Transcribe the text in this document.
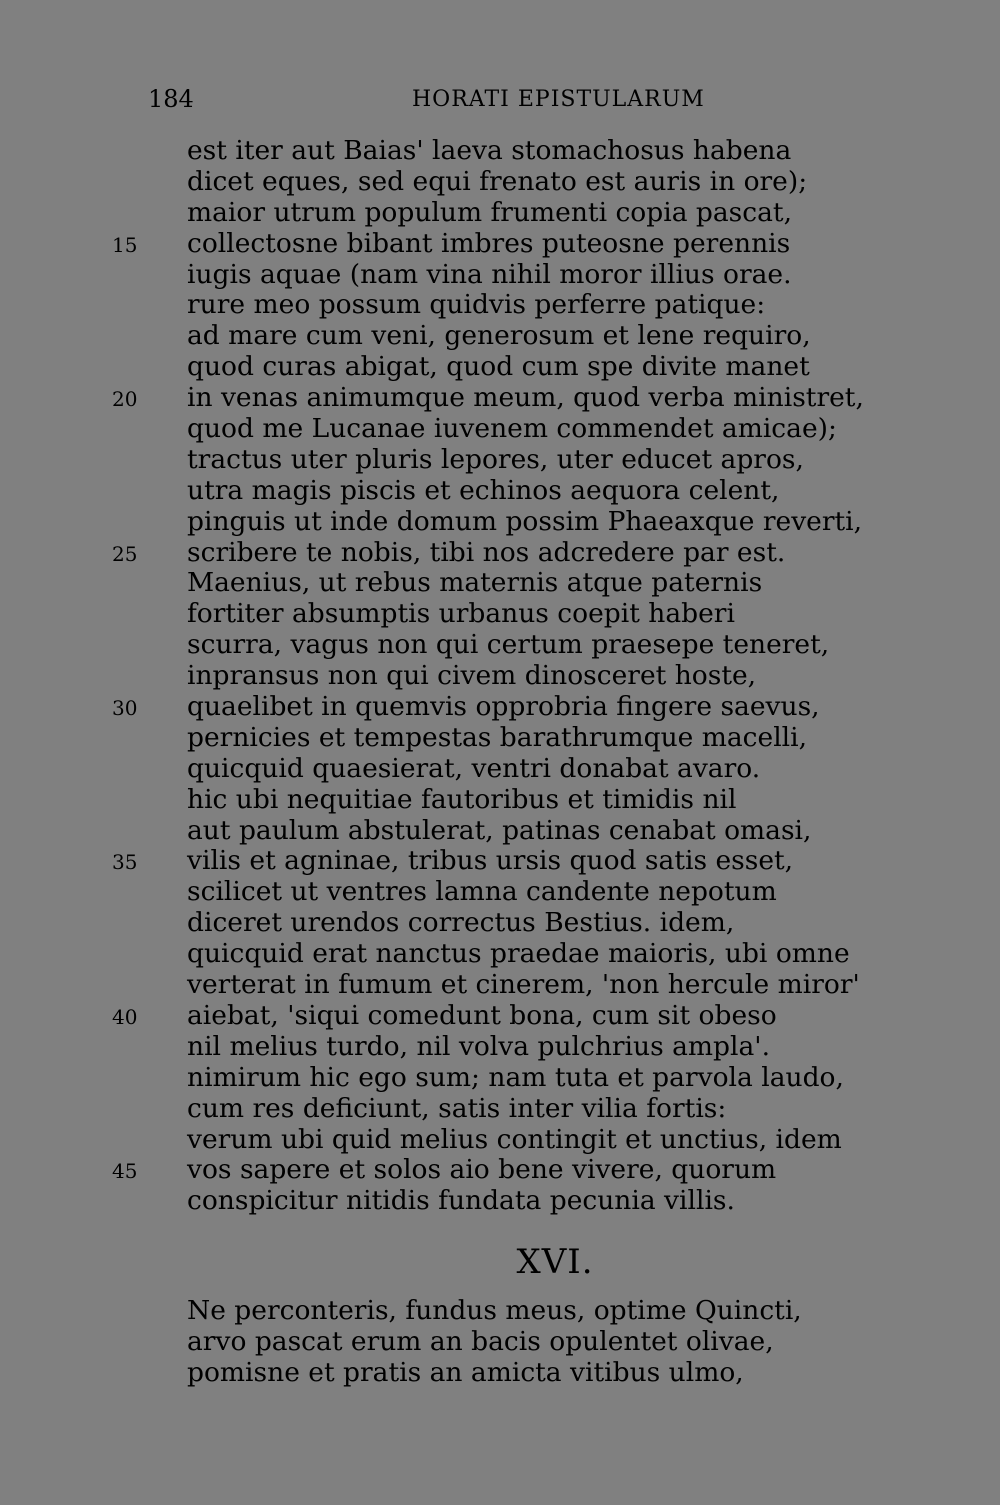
184	HORATI EPISTULARUM
est iter aut Baias' laeva stomachosus habena
dicet eques, sed equi frenato est auris in ore);
maior utrum populum frumenti copia pascat,
15 collectosne bibant imbres puteosne perennis
iugis aquae (nam vina nihil moror illius orae.
rure meo possum quidvis perferre patique:
ad mare cum veni, generosum et lene requiro,
quod curas abigat, quod cum spe divite manet
20 in venas animumque meum, quod verba ministret,
quod me Lucanae iuvenem commendet amicae);
tractus uter pluris lepores, uter educet apros,
utra magis piscis et echinos aequora celent,
pinguis ut inde domum possim Phaeaxque reverti,
25 scribere te nobis, tibi nos adcredere par est.
Maenius, ut rebus maternis atque paternis
fortiter absumptis urbanus coepit haberi
scurra, vagus non qui certum praesepe teneret,
inpransus non qui civem dinosceret hoste,
30 quaelibet in quemvis opprobria fingere saevus,
pernicies et tempestas barathrumque macelli,
quicquid quaesierat, ventri donabat avaro.
hic ubi nequitiae fautoribus et timidis nil
aut paulum abstulerat, patinas cenabat omasi,
35 vilis et agninae, tribus ursis quod satis esset,
scilicet ut ventres lamna candente nepotum
diceret urendos correctus Bestius. idem,
quicquid erat nanctus praedae maioris, ubi omne
verterat in fumum et cinerem, 'non hercule miror'
40 aiebat, 'siqui comedunt bona, cum sit obeso
nil melius turdo, nil volva pulchrius ampla'.
nimirum hic ego sum; nam tuta et parvola laudo,
cum res deficiunt, satis inter vilia fortis:
verum ubi quid melius contingit et unctius, idem
45 vos sapere et solos aio bene vivere, quorum
conspicitur nitidis fundata pecunia villis.
XVI.
Ne perconteris, fundus meus, optime Quincti,
arvo pascat erum an bacis opulentet olivae,
pomisne et pratis an amicta vitibus ulmo,
